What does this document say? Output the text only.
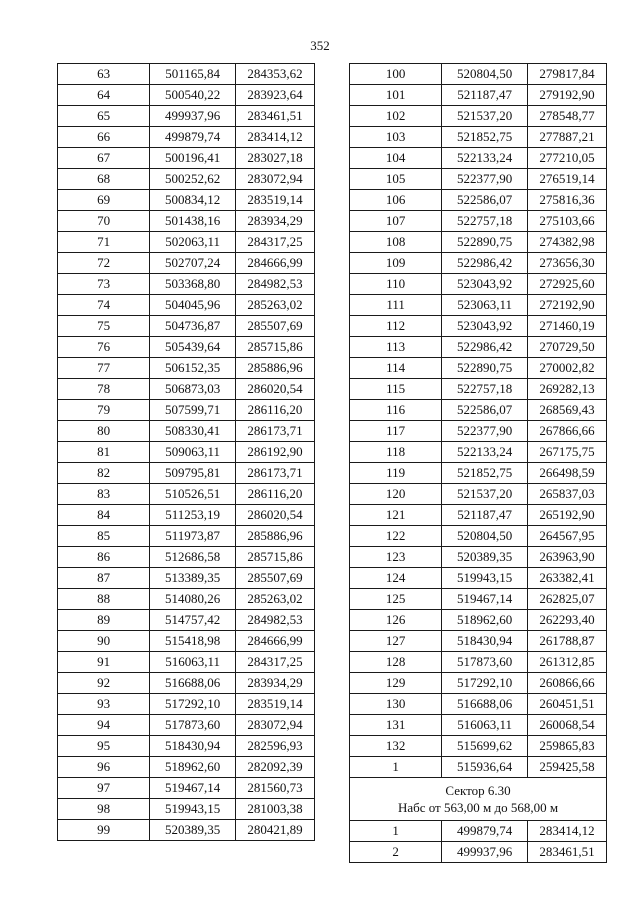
352
63	501165,84	284353,62
64	500540,22	283923,64
65	499937,96	283461,51
66	499879,74	283414,12
67	500196,41	283027,18
68	500252,62	283072,94
69	500834,12	283519,14
70	501438,16	283934,29
71	502063,11	284317,25
72	502707,24	284666,99
73	503368,80	284982,53
74	504045,96	285263,02
75	504736,87	285507,69
76	505439,64	285715,86
77	506152,35	285886,96
78	506873,03	286020,54
79	507599,71	286116,20
80	508330,41	286173,71
81	509063,11	286192,90
82	509795,81	286173,71
83	510526,51	286116,20
84	511253,19	286020,54
85	511973,87	285886,96
86	512686,58	285715,86
87	513389,35	285507,69
88	514080,26	285263,02
89	514757,42	284982,53
90	515418,98	284666,99
91	516063,11	284317,25
92	516688,06	283934,29
93	517292,10	283519,14
94	517873,60	283072,94
95	518430,94	282596,93
96	518962,60	282092,39
97	519467,14	281560,73
98	519943,15	281003,38
99	520389,35	280421,89
100	520804,50	279817,84
101	521187,47	279192,90
102	521537,20	278548,77
103	521852,75	277887,21
104	522133,24	277210,05
105	522377,90	276519,14
106	522586,07	275816,36
107	522757,18	275103,66
108	522890,75	274382,98
109	522986,42	273656,30
110	523043,92	272925,60
111	523063,11	272192,90
112	523043,92	271460,19
113	522986,42	270729,50
114	522890,75	270002,82
115	522757,18	269282,13
116	522586,07	268569,43
117	522377,90	267866,66
118	522133,24	267175,75
119	521852,75	266498,59
120	521537,20	265837,03
121	521187,47	265192,90
122	520804,50	264567,95
123	520389,35	263963,90
124	519943,15	263382,41
125	519467,14	262825,07
126	518962,60	262293,40
127	518430,94	261788,87
128	517873,60	261312,85
129	517292,10	260866,66
130	516688,06	260451,51
131	516063,11	260068,54
132	515699,62	259865,83
1	515936,64	259425,58

Сектор 6.30
Набс от 563,00 м до 568,00 м		

1	499879,74	283414,12
2	499937,96	283461,51
